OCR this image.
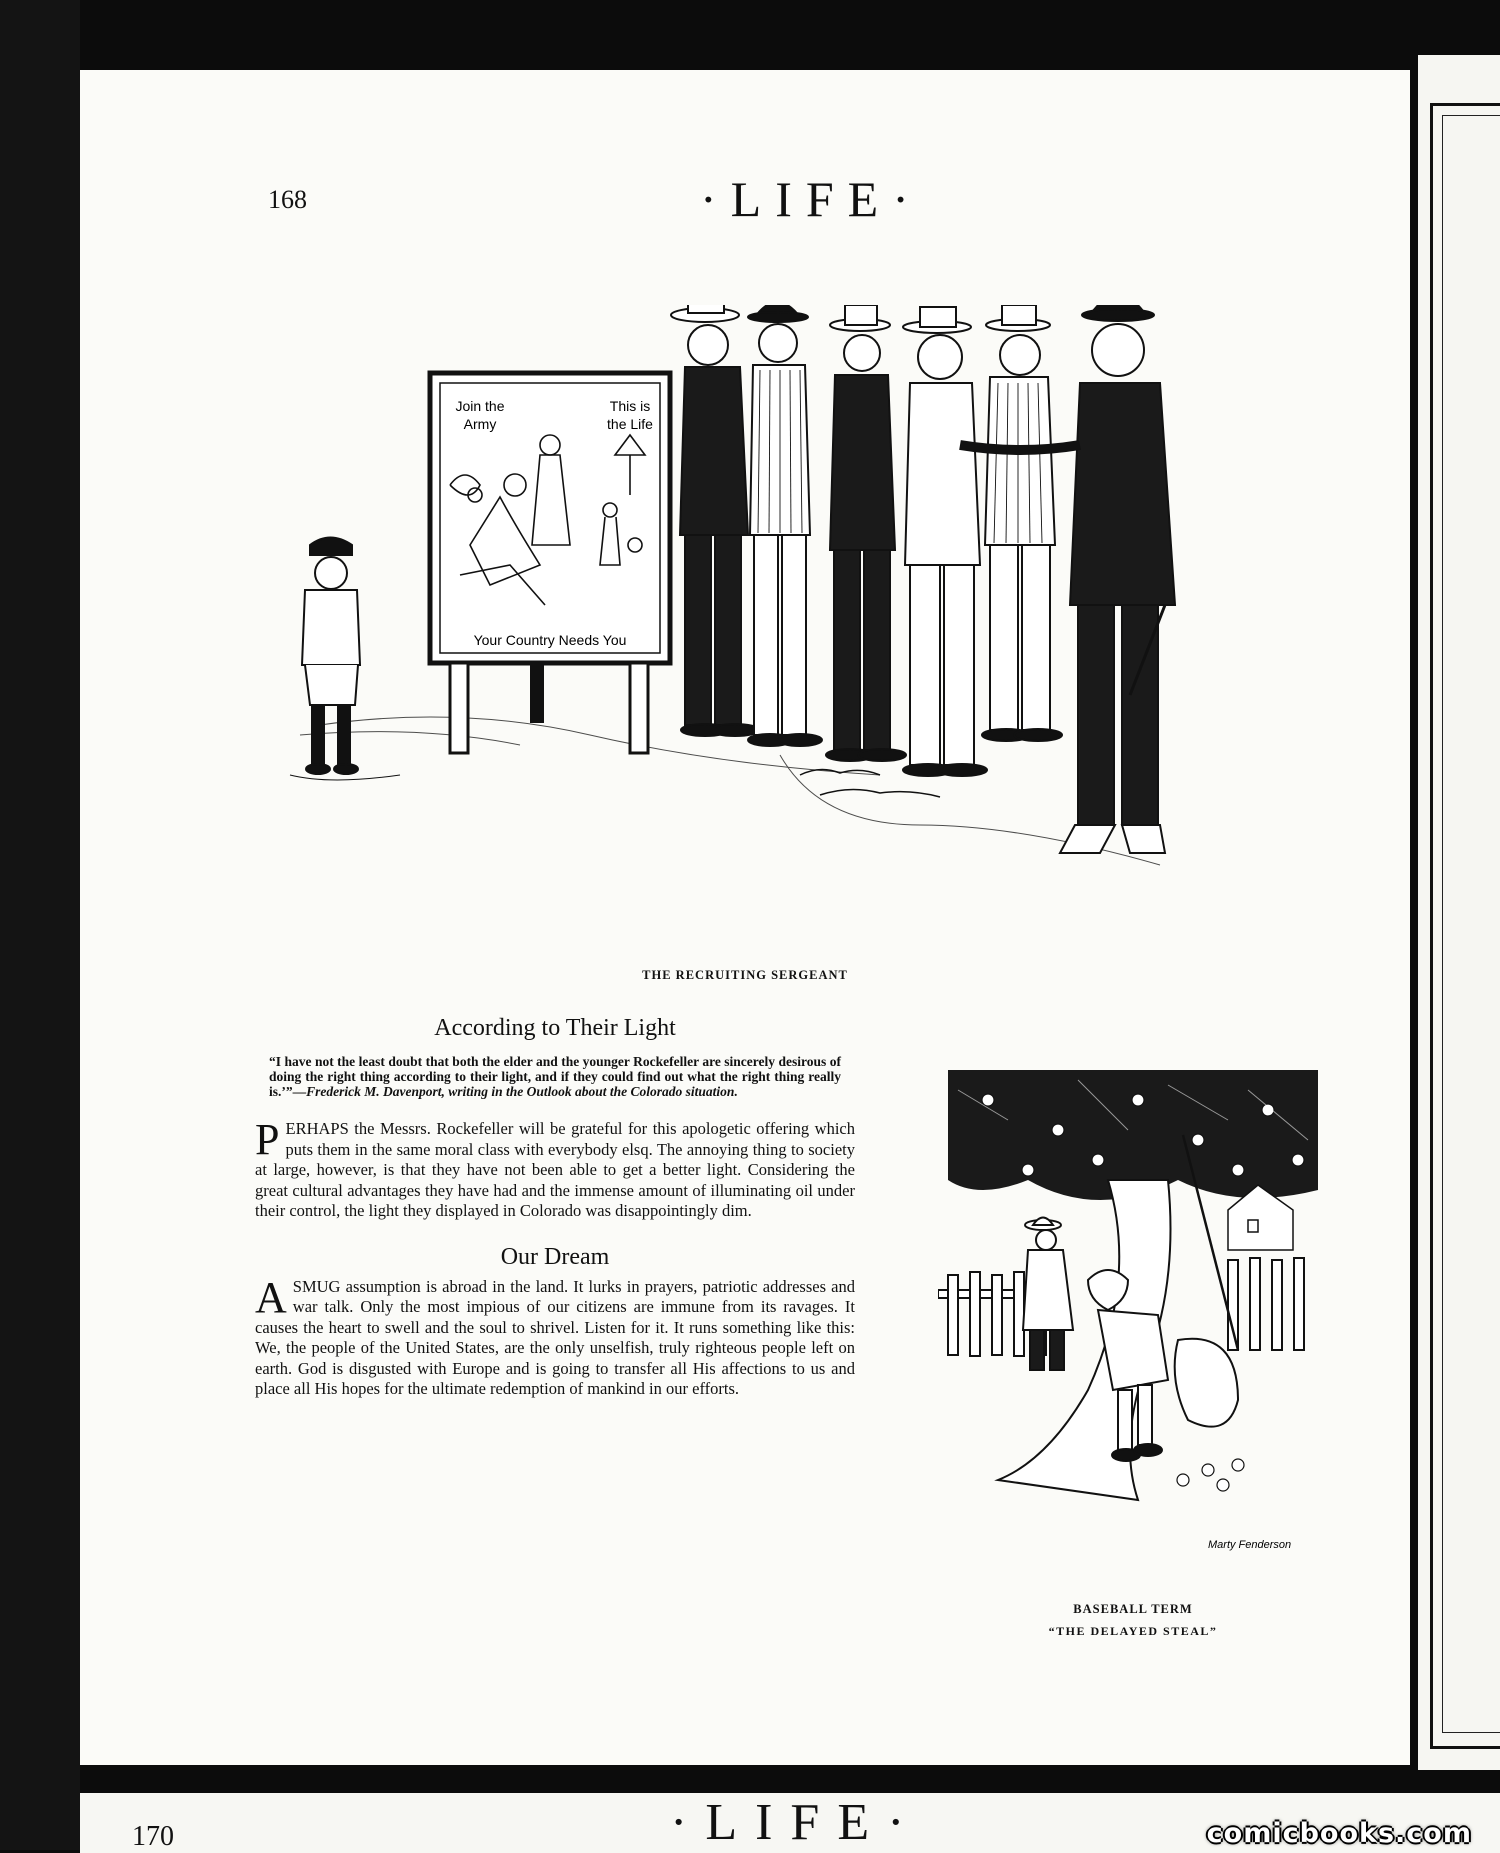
168	·LIFE·
Join the
Army
This is
the Life
Your Country Needs You
THE RECRUITING SERGEANT
According to Their Light
“I have not the least doubt that both the elder and the younger Rockefeller are sincerely desirous of doing the right thing according to their light, and if they could find out what the right thing really is.’”—Frederick M. Davenport, writing in the Outlook about the Colorado situation.

PERHAPS the Messrs. Rockefeller will be grateful for this apologetic offering which puts them in the same moral class with everybody elsq. The annoying thing to society at large, however, is that they have not been able to get a better light. Considering the great cultural advantages they have had and the immense amount of illuminating oil under their control, the light they displayed in Colorado was disappointingly dim.

Our Dream

ASMUG assumption is abroad in the land. It lurks in prayers, patriotic addresses and war talk. Only the most impious of our citizens are immune from its ravages. It causes the heart to swell and the soul to shrivel. Listen for it. It runs something like this: We, the people of the United States, are the only unselfish, truly righteous people left on earth. God is disgusted with Europe and is going to transfer all His affections to us and place all His hopes for the ultimate redemption of mankind in our efforts.

Marty Fenderson
BASEBALL TERM
“THE DELAYED STEAL”
170	·LIFE·	comicbooks.com
